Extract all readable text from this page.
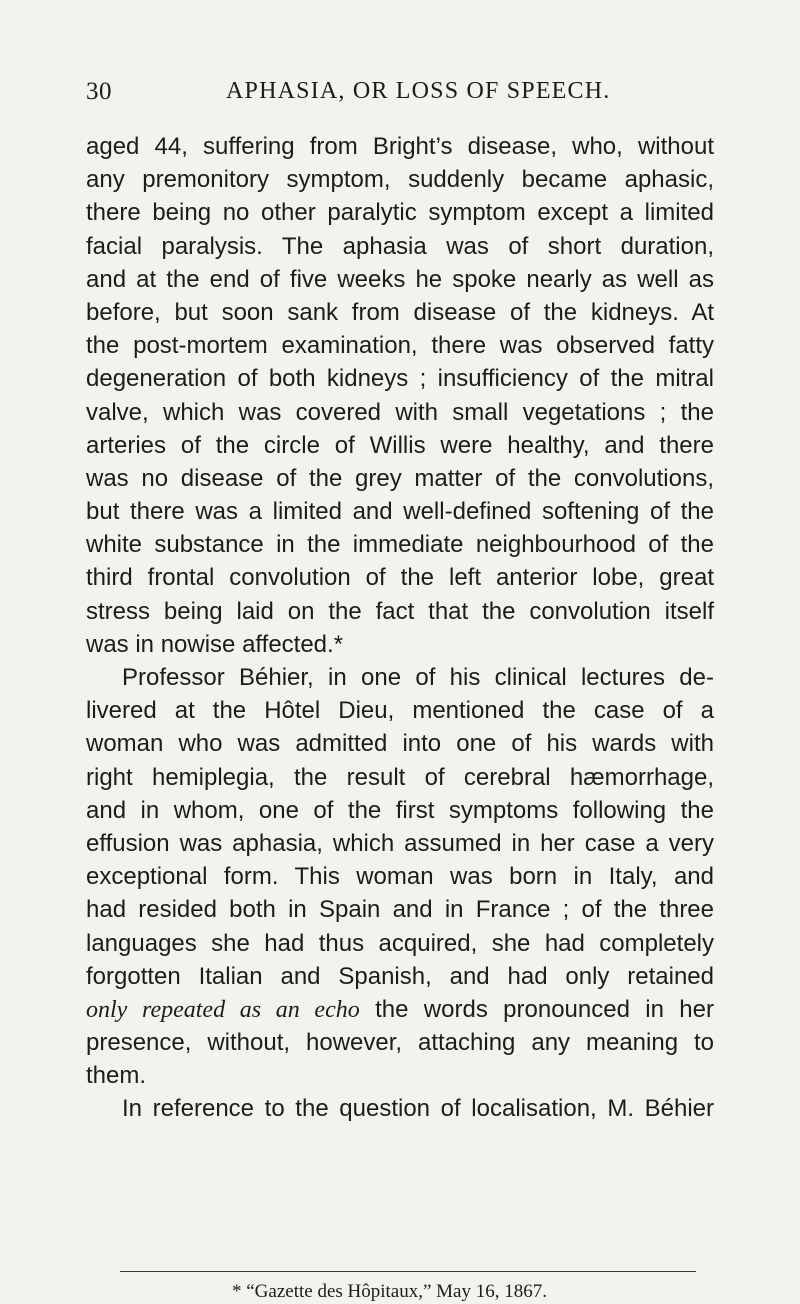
30	APHASIA, OR LOSS OF SPEECH.
aged 44, suffering from Bright’s disease, who, without
any premonitory symptom, suddenly became aphasic,
there being no other paralytic symptom except a limited
facial paralysis. The aphasia was of short duration,
and at the end of five weeks he spoke nearly as well as
before, but soon sank from disease of the kidneys. At
the post-mortem examination, there was observed fatty
degeneration of both kidneys ; insufficiency of the mitral
valve, which was covered with small vegetations ; the
arteries of the circle of Willis were healthy, and there
was no disease of the grey matter of the convolutions,
but there was a limited and well-defined softening of the
white substance in the immediate neighbourhood of the
third frontal convolution of the left anterior lobe, great
stress being laid on the fact that the convolution itself
was in nowise affected.*
Professor Béhier, in one of his clinical lectures de-
livered at the Hôtel Dieu, mentioned the case of a
woman who was admitted into one of his wards with
right hemiplegia, the result of cerebral hæmorrhage,
and in whom, one of the first symptoms following the
effusion was aphasia, which assumed in her case a very
exceptional form. This woman was born in Italy, and
had resided both in Spain and in France ; of the three
languages she had thus acquired, she had completely
forgotten Italian and Spanish, and had only retained
only repeated as an echo the words pronounced in her
presence, without, however, attaching any meaning to
them.
In reference to the question of localisation, M. Béhier
* “Gazette des Hôpitaux,” May 16, 1867.
